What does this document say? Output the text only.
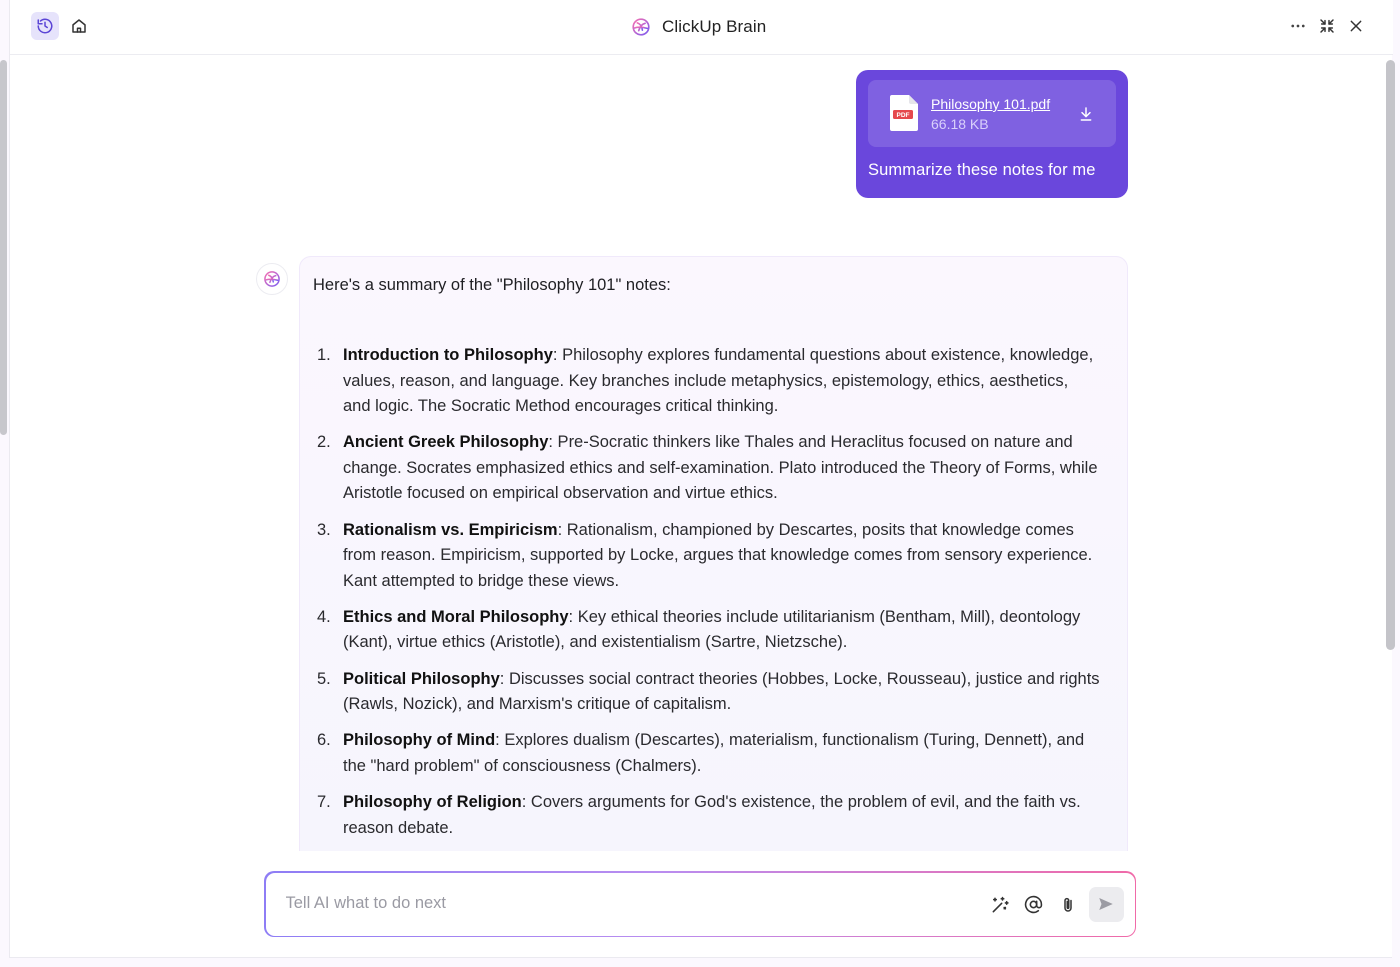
ClickUp Brain
PDF
Philosophy 101.pdf
66.18 KB
Summarize these notes for me
Here's a summary of the "Philosophy 101" notes:
1. Introduction to Philosophy: Philosophy explores fundamental questions about existence, knowledge, values, reason, and language. Key branches include metaphysics, epistemology, ethics, aesthetics, and logic. The Socratic Method encourages critical thinking.
2. Ancient Greek Philosophy: Pre-Socratic thinkers like Thales and Heraclitus focused on nature and change. Socrates emphasized ethics and self-examination. Plato introduced the Theory of Forms, while Aristotle focused on empirical observation and virtue ethics.
3. Rationalism vs. Empiricism: Rationalism, championed by Descartes, posits that knowledge comes from reason. Empiricism, supported by Locke, argues that knowledge comes from sensory experience. Kant attempted to bridge these views.
4. Ethics and Moral Philosophy: Key ethical theories include utilitarianism (Bentham, Mill), deontology (Kant), virtue ethics (Aristotle), and existentialism (Sartre, Nietzsche).
5. Political Philosophy: Discusses social contract theories (Hobbes, Locke, Rousseau), justice and rights (Rawls, Nozick), and Marxism's critique of capitalism.
6. Philosophy of Mind: Explores dualism (Descartes), materialism, functionalism (Turing, Dennett), and the "hard problem" of consciousness (Chalmers).
7. Philosophy of Religion: Covers arguments for God's existence, the problem of evil, and the faith vs. reason debate.
Tell AI what to do next
